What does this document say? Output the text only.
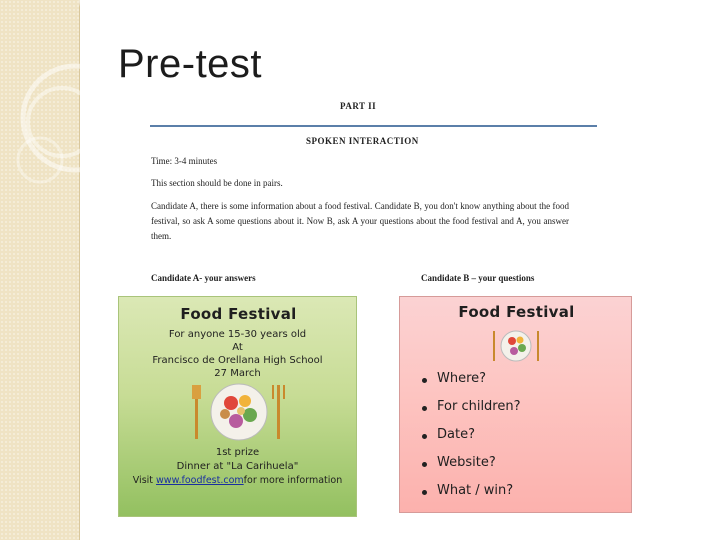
Pre-test
PART II
SPOKEN INTERACTION
Time: 3-4 minutes
This section should be done in pairs.
Candidate A, there is some information about a food festival. Candidate B, you don't know anything about the food festival, so ask A some questions about it. Now B, ask A your questions about the food festival and A, you answer them.
Candidate A- your answers	Candidate B – your questions
Food Festival
For anyone 15-30 years old
At
Francisco de Orellana High School
27 March
1st prize
Dinner at "La Carihuela"
Visit www.foodfest.comfor more information
Food Festival
Where?
For children?
Date?
Website?
What / win?
